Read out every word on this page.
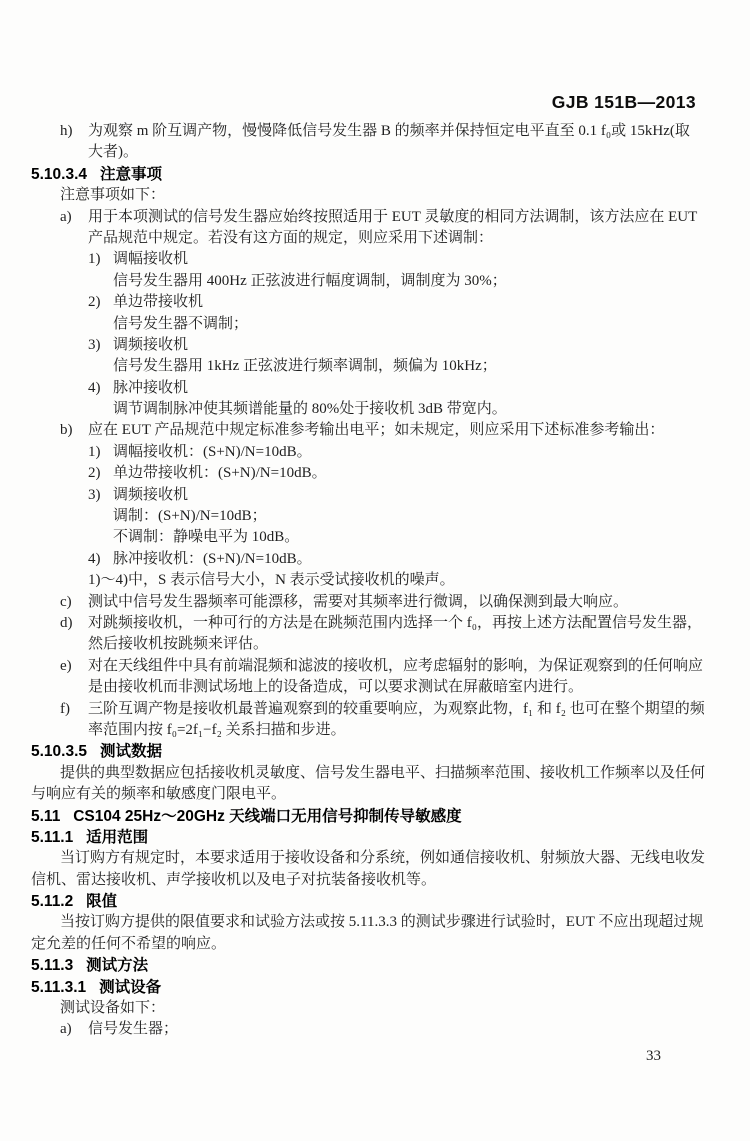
GJB 151B—2013
h) 为观察 m 阶互调产物，慢慢降低信号发生器 B 的频率并保持恒定电平直至 0.1 f₀或 15kHz(取
大者)。
5.10.3.4   注意事项
注意事项如下：
a) 用于本项测试的信号发生器应始终按照适用于 EUT 灵敏度的相同方法调制，该方法应在 EUT
产品规范中规定。若没有这方面的规定，则应采用下述调制：
1) 调幅接收机
信号发生器用 400Hz 正弦波进行幅度调制，调制度为 30%；
2) 单边带接收机
信号发生器不调制；
3) 调频接收机
信号发生器用 1kHz 正弦波进行频率调制，频偏为 10kHz；
4) 脉冲接收机
调节调制脉冲使其频谱能量的 80%处于接收机 3dB 带宽内。
b) 应在 EUT 产品规范中规定标准参考输出电平；如未规定，则应采用下述标准参考输出：
1) 调幅接收机：(S+N)/N=10dB。
2) 单边带接收机：(S+N)/N=10dB。
3) 调频接收机
调制：(S+N)/N=10dB；
不调制：静噪电平为 10dB。
4) 脉冲接收机：(S+N)/N=10dB。
1)～4)中，S 表示信号大小，N 表示受试接收机的噪声。
c) 测试中信号发生器频率可能漂移，需要对其频率进行微调，以确保测到最大响应。
d) 对跳频接收机，一种可行的方法是在跳频范围内选择一个 f₀，再按上述方法配置信号发生器，
然后接收机按跳频来评估。
e) 对在天线组件中具有前端混频和滤波的接收机，应考虑辐射的影响，为保证观察到的任何响应
是由接收机而非测试场地上的设备造成，可以要求测试在屏蔽暗室内进行。
f) 三阶互调产物是接收机最普遍观察到的较重要响应，为观察此物，f₁ 和 f₂ 也可在整个期望的频
率范围内按 f₀=2f₁−f₂ 关系扫描和步进。
5.10.3.5   测试数据
提供的典型数据应包括接收机灵敏度、信号发生器电平、扫描频率范围、接收机工作频率以及任何
与响应有关的频率和敏感度门限电平。
5.11   CS104 25Hz～20GHz 天线端口无用信号抑制传导敏感度
5.11.1   适用范围
当订购方有规定时，本要求适用于接收设备和分系统，例如通信接收机、射频放大器、无线电收发
信机、雷达接收机、声学接收机以及电子对抗装备接收机等。
5.11.2   限值
当按订购方提供的限值要求和试验方法或按 5.11.3.3 的测试步骤进行试验时，EUT 不应出现超过规
定允差的任何不希望的响应。
5.11.3   测试方法
5.11.3.1   测试设备
测试设备如下：
a) 信号发生器；
33
